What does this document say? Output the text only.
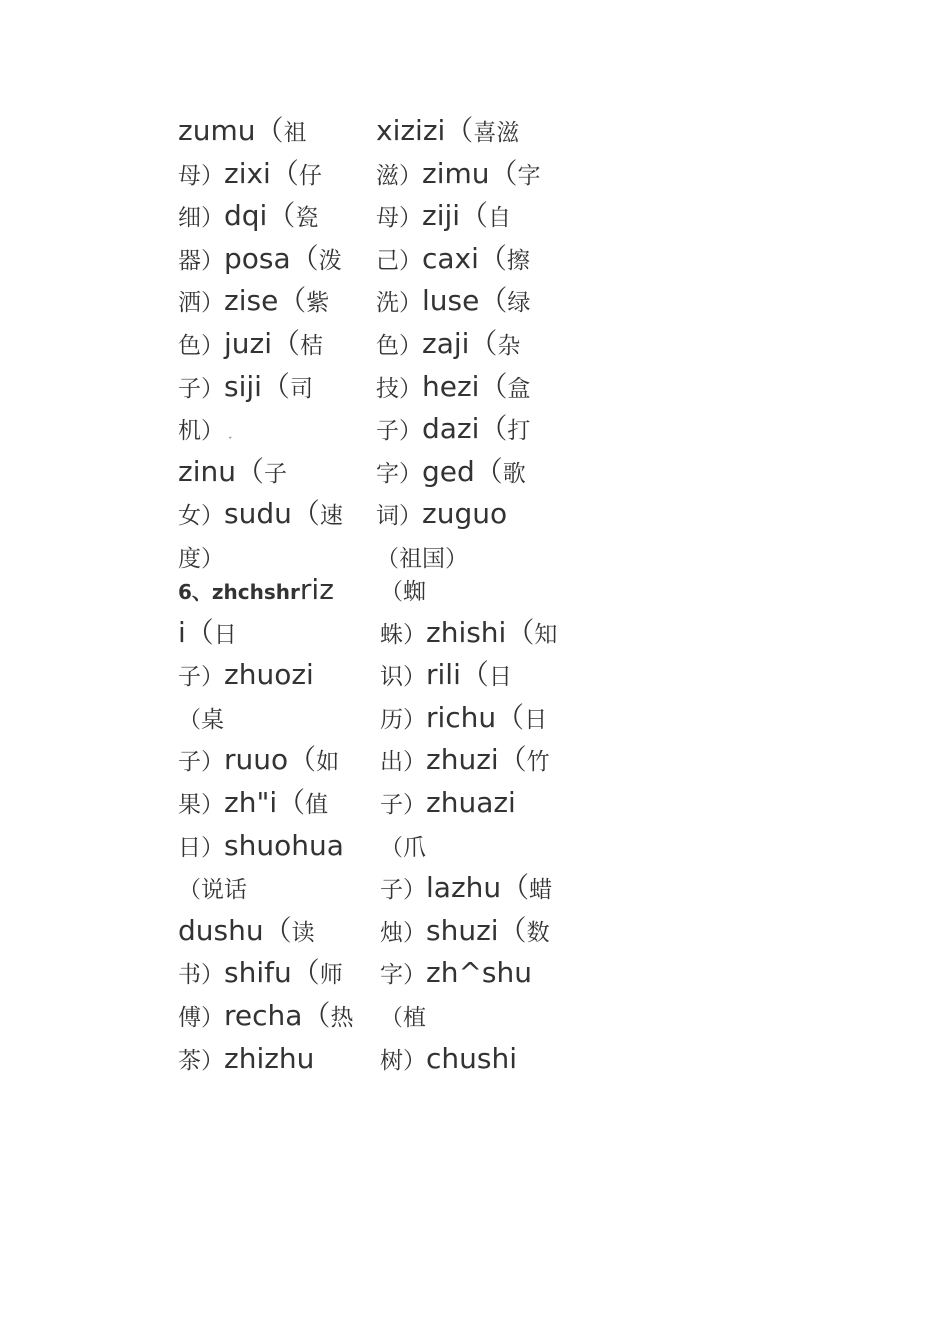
zumu（祖
母）zixi（仔
细）dqi（瓷
器）posa（泼
洒）zise（紫
色）juzi（桔
子）siji（司
机）
zinu（子
女）sudu（速
度）
xizizi（喜滋
滋）zimu（字
母）ziji（自
己）caxi（擦
洗）luse（绿
色）zaji（杂
技）hezi（盒
子）dazi（打
字）ged（歌
词）zuguo
（祖国）
ˇ
6、zhchshrriz
i（日
子）zhuozi
（桌
子）ruuo（如
果）zh"i（值
日）shuohua
（说话
dushu（读
书）shifu（师
傅）recha（热
茶）zhizhu
（蜘
蛛）zhishi（知
识）rili（日
历）richu（日
出）zhuzi（竹
子）zhuazi
（爪
子）lazhu（蜡
烛）shuzi（数
字）zh^shu
（植
树）chushi
